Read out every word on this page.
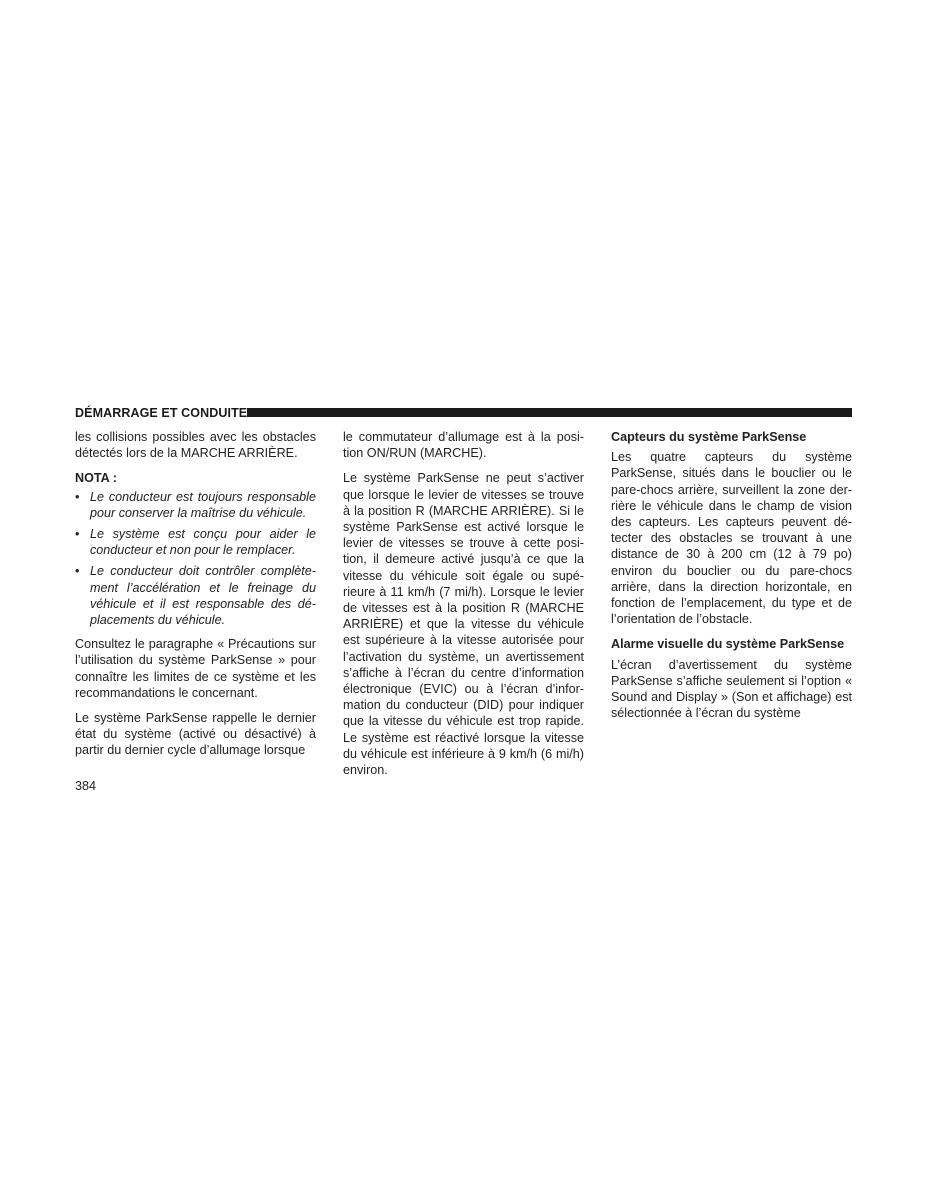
DÉMARRAGE ET CONDUITE

les collisions possibles avec les obstacles détectés lors de la MARCHE ARRIÈRE.

NOTA :
• Le conducteur est toujours responsable pour conserver la maîtrise du véhicule.
• Le système est conçu pour aider le conducteur et non pour le remplacer.
• Le conducteur doit contrôler complètement l’accélération et le freinage du véhicule et il est responsable des déplacements du véhicule.

Consultez le paragraphe « Précautions sur l’utilisation du système ParkSense » pour connaître les limites de ce système et les recommandations le concernant.

Le système ParkSense rappelle le dernier état du système (activé ou désactivé) à partir du dernier cycle d’allumage lorsque

le commutateur d’allumage est à la position ON/RUN (MARCHE).

Le système ParkSense ne peut s’activer que lorsque le levier de vitesses se trouve à la position R (MARCHE ARRIÈRE). Si le système ParkSense est activé lorsque le levier de vitesses se trouve à cette position, il demeure activé jusqu’à ce que la vitesse du véhicule soit égale ou supérieure à 11 km/h (7 mi/h). Lorsque le levier de vitesses est à la position R (MARCHE ARRIÈRE) et que la vitesse du véhicule est supérieure à la vitesse autorisée pour l’activation du système, un avertissement s’affiche à l’écran du centre d’information électronique (EVIC) ou à l’écran d’information du conducteur (DID) pour indiquer que la vitesse du véhicule est trop rapide. Le système est réactivé lorsque la vitesse du véhicule est inférieure à 9 km/h (6 mi/h) environ.

Capteurs du système ParkSense

Les quatre capteurs du système ParkSense, situés dans le bouclier ou le pare-chocs arrière, surveillent la zone derrière le véhicule dans le champ de vision des capteurs. Les capteurs peuvent détecter des obstacles se trouvant à une distance de 30 à 200 cm (12 à 79 po) environ du bouclier ou du pare-chocs arrière, dans la direction horizontale, en fonction de l’emplacement, du type et de l’orientation de l’obstacle.

Alarme visuelle du système ParkSense

L’écran d’avertissement du système ParkSense s’affiche seulement si l’option « Sound and Display » (Son et affichage) est sélectionnée à l’écran du système

384
